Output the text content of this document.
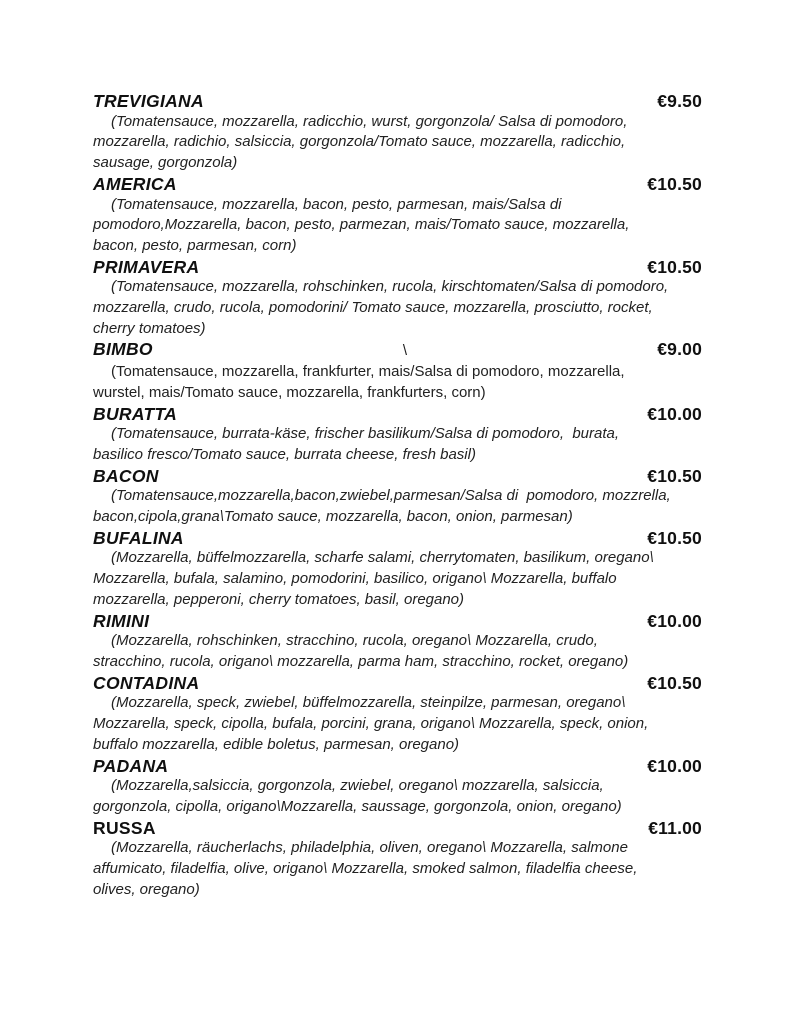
TREVIGIANA	€9.50
(Tomatensauce, mozzarella, radicchio, wurst, gorgonzola/ Salsa di pomodoro,
mozzarella, radichio, salsiccia, gorgonzola/Tomato sauce, mozzarella, radicchio,
sausage, gorgonzola)
AMERICA	€10.50
(Tomatensauce, mozzarella, bacon, pesto, parmesan, mais/Salsa di
pomodoro,Mozzarella, bacon, pesto, parmezan, mais/Tomato sauce, mozzarella,
bacon, pesto, parmesan, corn)
PRIMAVERA	€10.50
(Tomatensauce, mozzarella, rohschinken, rucola, kirschtomaten/Salsa di pomodoro,
mozzarella, crudo, rucola, pomodorini/ Tomato sauce, mozzarella, prosciutto, rocket,
cherry tomatoes)
BIMBO	\	€9.00
(Tomatensauce, mozzarella, frankfurter, mais/Salsa di pomodoro, mozzarella,
wurstel, mais/Tomato sauce, mozzarella, frankfurters, corn)
BURATTA	€10.00
(Tomatensauce, burrata-käse, frischer basilikum/Salsa di pomodoro,  burata,
basilico fresco/Tomato sauce, burrata cheese, fresh basil)
BACON	€10.50
(Tomatensauce,mozzarella,bacon,zwiebel,parmesan/Salsa di  pomodoro, mozzrella,
bacon,cipola,grana\Tomato sauce, mozzarella, bacon, onion, parmesan)
BUFALINA	€10.50
(Mozzarella, büffelmozzarella, scharfe salami, cherrytomaten, basilikum, oregano\
Mozzarella, bufala, salamino, pomodorini, basilico, origano\ Mozzarella, buffalo
mozzarella, pepperoni, cherry tomatoes, basil, oregano)
RIMINI	€10.00
(Mozzarella, rohschinken, stracchino, rucola, oregano\ Mozzarella, crudo,
stracchino, rucola, origano\ mozzarella, parma ham, stracchino, rocket, oregano)
CONTADINA	€10.50
(Mozzarella, speck, zwiebel, büffelmozzarella, steinpilze, parmesan, oregano\
Mozzarella, speck, cipolla, bufala, porcini, grana, origano\ Mozzarella, speck, onion,
buffalo mozzarella, edible boletus, parmesan, oregano)
PADANA	€10.00
(Mozzarella,salsiccia, gorgonzola, zwiebel, oregano\ mozzarella, salsiccia,
gorgonzola, cipolla, origano\Mozzarella, saussage, gorgonzola, onion, oregano)
RUSSA	€11.00
(Mozzarella, räucherlachs, philadelphia, oliven, oregano\ Mozzarella, salmone
affumicato, filadelfia, olive, origano\ Mozzarella, smoked salmon, filadelfia cheese,
olives, oregano)
